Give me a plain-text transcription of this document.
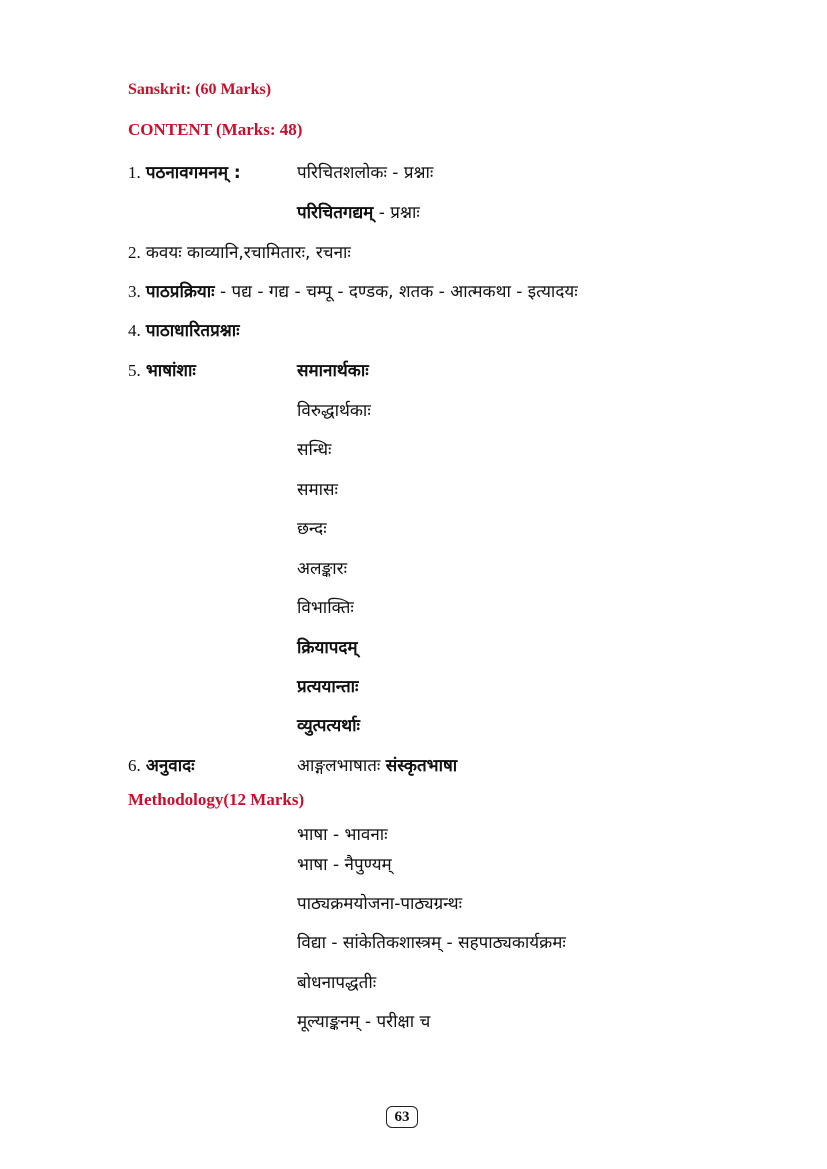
Sanskrit: (60 Marks)
CONTENT (Marks: 48)
1. पठनावगमनम् :	परिचितशलोकः - प्रश्नाः
परिचितगद्यम् - प्रश्नाः
2. कवयः काव्यानि,रचामितारः, रचनाः
3. पाठप्रक्रियाः - पद्य - गद्य - चम्पू - दण्डक, शतक - आत्मकथा - इत्यादयः
4. पाठाधारितप्रश्नाः
5. भाषांशाः	समानार्थकाः
विरुद्धार्थकाः
सन्धिः
समासः
छन्दः
अलङ्कारः
विभाक्तिः
क्रियापदम्
प्रत्ययान्ताः
व्युत्पत्यर्थाः
6. अनुवादः	आङ्गलभाषातः संस्कृतभाषा
Methodology(12 Marks)
भाषा - भावनाः
भाषा - नैपुण्यम्
पाठ्यक्रमयोजना-पाठ्यग्रन्थः
विद्या - सांकेतिकशास्त्रम् - सहपाठ्यकार्यक्रमः
बोधनापद्धतीः
मूल्याङ्कनम् - परीक्षा च
63
